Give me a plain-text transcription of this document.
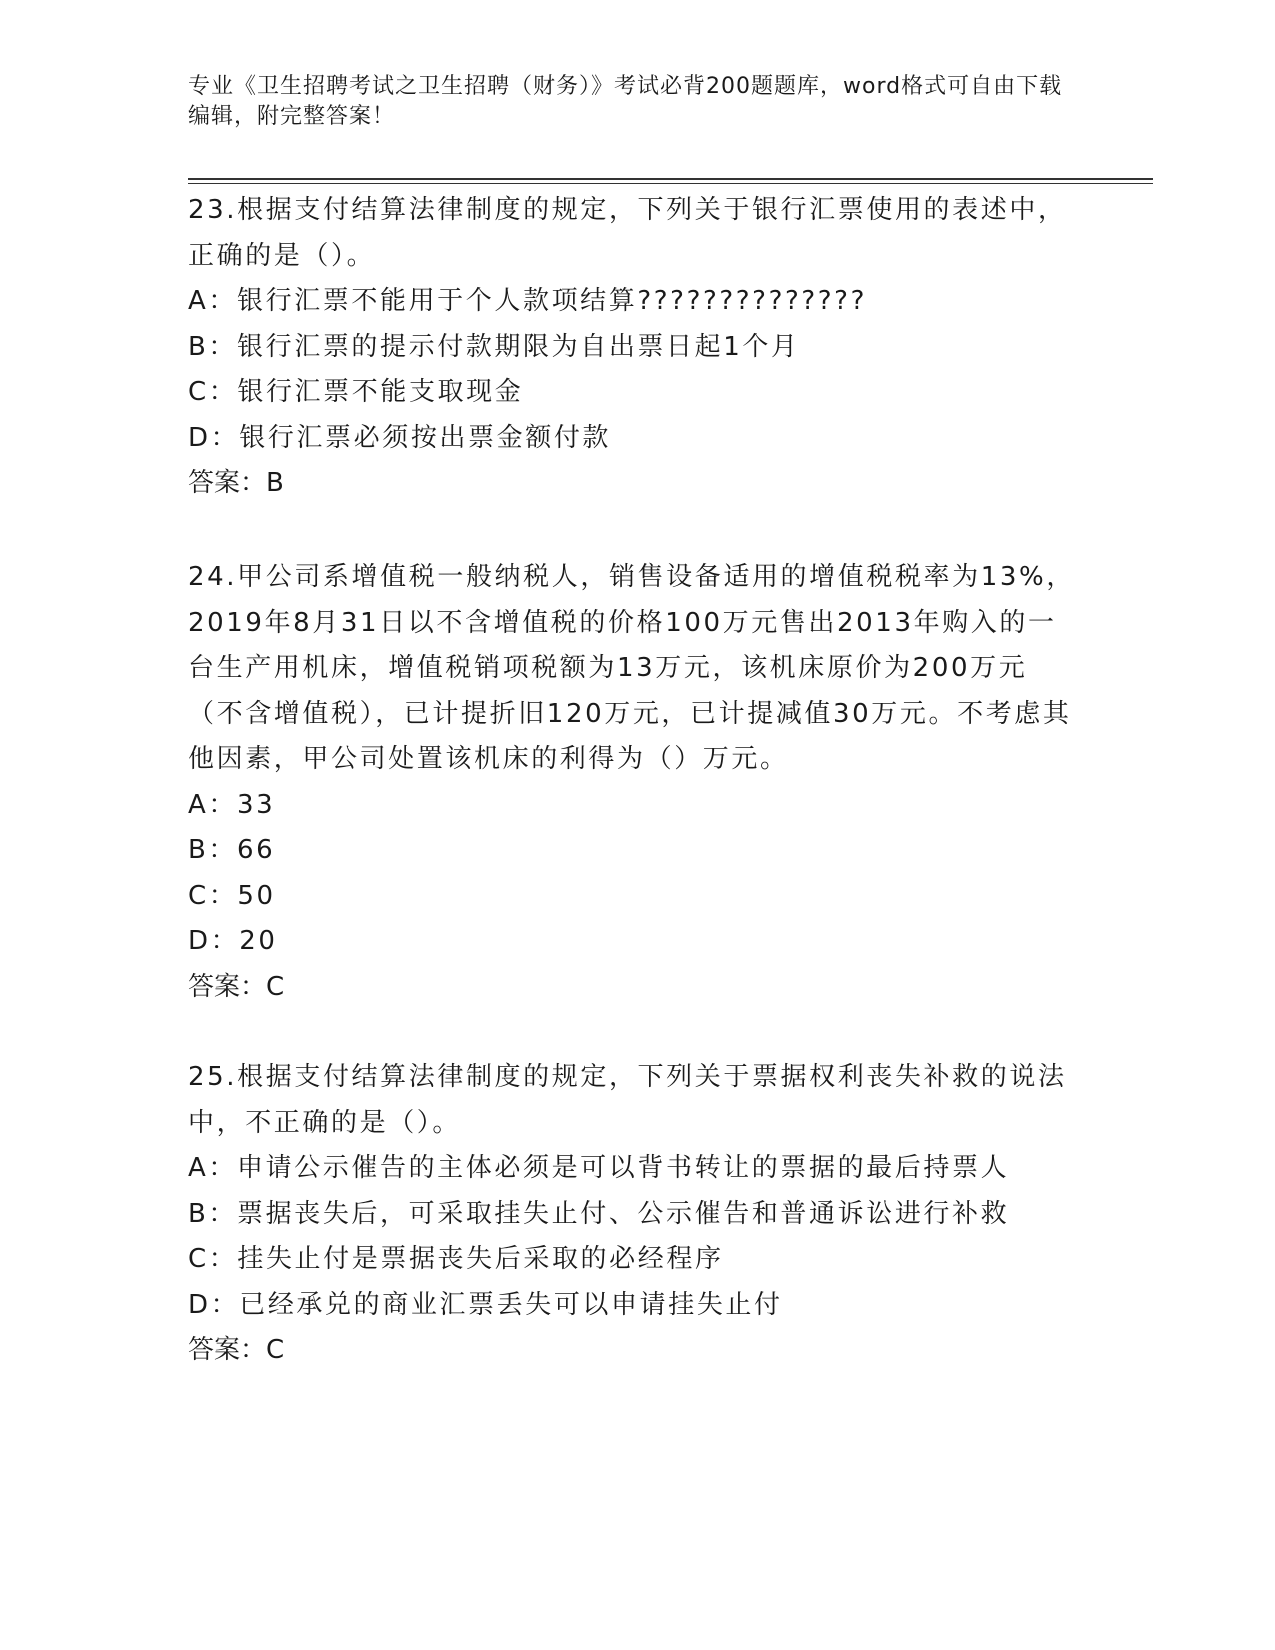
专业《卫生招聘考试之卫生招聘（财务）》考试必背200题题库，word格式可自由下载编辑，附完整答案！

23.根据支付结算法律制度的规定，下列关于银行汇票使用的表述中，正确的是（）。

A：银行汇票不能用于个人款项结算??????????????

B：银行汇票的提示付款期限为自出票日起1个月

C：银行汇票不能支取现金

D：银行汇票必须按出票金额付款

答案：B

24.甲公司系增值税一般纳税人，销售设备适用的增值税税率为13%，2019年8月31日以不含增值税的价格100万元售出2013年购入的一台生产用机床，增值税销项税额为13万元，该机床原价为200万元（不含增值税），已计提折旧120万元，已计提减值30万元。不考虑其他因素，甲公司处置该机床的利得为（）万元。

A：33

B：66

C：50

D：20

答案：C

25.根据支付结算法律制度的规定，下列关于票据权利丧失补救的说法中，不正确的是（）。

A：申请公示催告的主体必须是可以背书转让的票据的最后持票人

B：票据丧失后，可采取挂失止付、公示催告和普通诉讼进行补救

C：挂失止付是票据丧失后采取的必经程序

D：已经承兑的商业汇票丢失可以申请挂失止付

答案：C
